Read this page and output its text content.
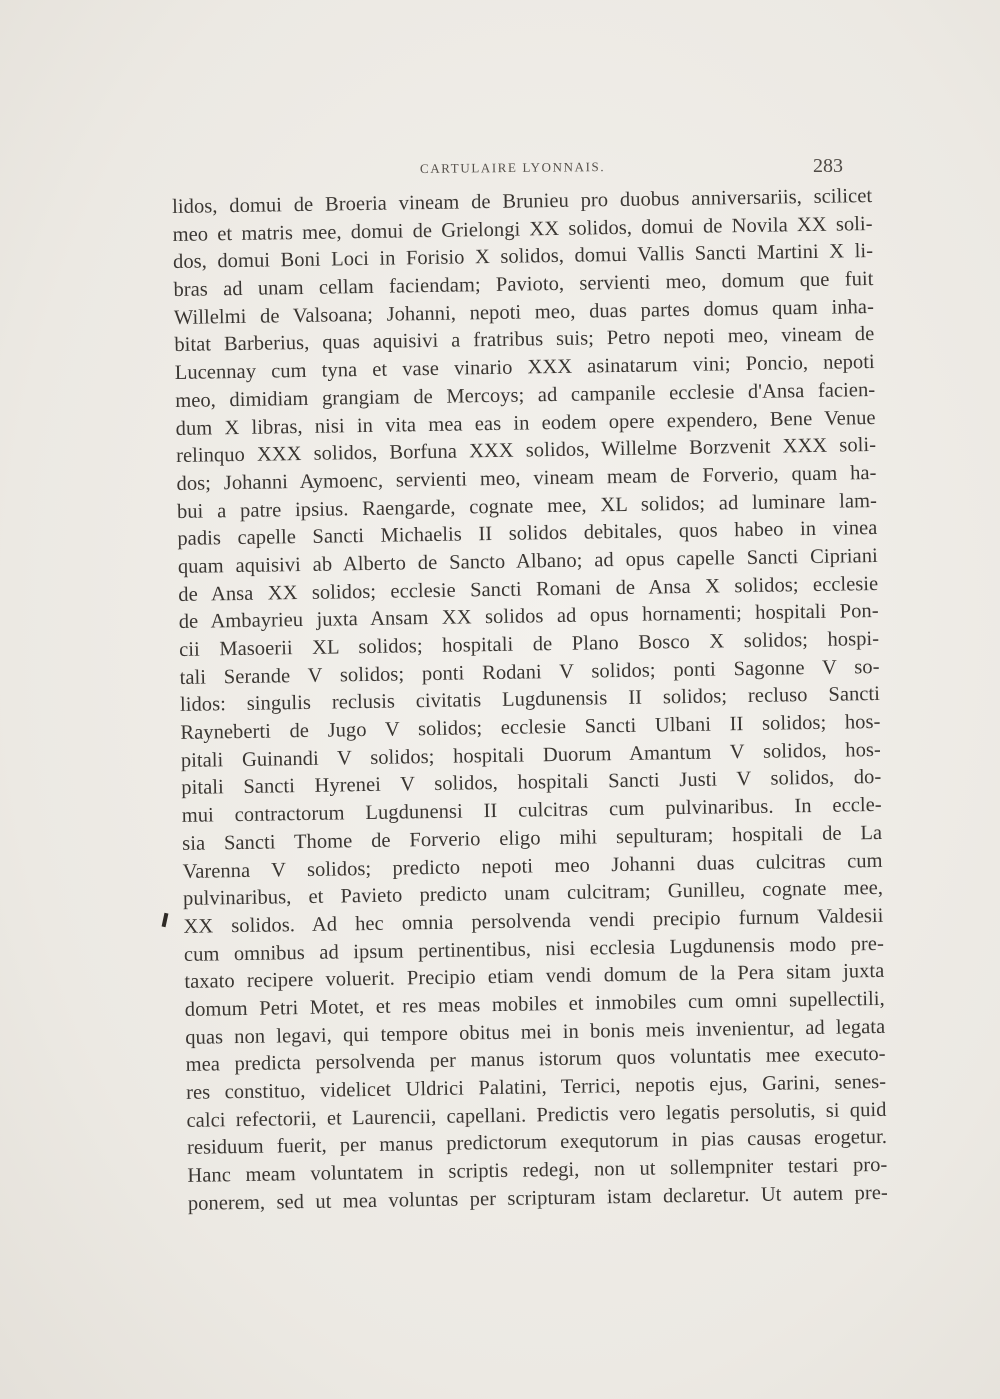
CARTULAIRE LYONNAIS.	283
lidos, domui de Broeria vineam de Brunieu pro duobus anniversariis, scilicet
meo et matris mee, domui de Grielongi XX solidos, domui de Novila XX soli-
dos, domui Boni Loci in Forisio X solidos, domui Vallis Sancti Martini X li-
bras ad unam cellam faciendam; Pavioto, servienti meo, domum que fuit
Willelmi de Valsoana; Johanni, nepoti meo, duas partes domus quam inha-
bitat Barberius, quas aquisivi a fratribus suis; Petro nepoti meo, vineam de
Lucennay cum tyna et vase vinario XXX asinatarum vini; Poncio, nepoti
meo, dimidiam grangiam de Mercoys; ad campanile ecclesie d'Ansa facien-
dum X libras, nisi in vita mea eas in eodem opere expendero, Bene Venue
relinquo XXX solidos, Borfuna XXX solidos, Willelme Borzvenit XXX soli-
dos; Johanni Aymoenc, servienti meo, vineam meam de Forverio, quam ha-
bui a patre ipsius. Raengarde, cognate mee, XL solidos; ad luminare lam-
padis capelle Sancti Michaelis II solidos debitales, quos habeo in vinea
quam aquisivi ab Alberto de Sancto Albano; ad opus capelle Sancti Cipriani
de Ansa XX solidos; ecclesie Sancti Romani de Ansa X solidos; ecclesie
de Ambayrieu juxta Ansam XX solidos ad opus hornamenti; hospitali Pon-
cii Masoerii XL solidos; hospitali de Plano Bosco X solidos; hospi-
tali Serande V solidos; ponti Rodani V solidos; ponti Sagonne V so-
lidos: singulis reclusis civitatis Lugdunensis II solidos; recluso Sancti
Rayneberti de Jugo V solidos; ecclesie Sancti Ulbani II solidos; hos-
pitali Guinandi V solidos; hospitali Duorum Amantum V solidos, hos-
pitali Sancti Hyrenei V solidos, hospitali Sancti Justi V solidos, do-
mui contractorum Lugdunensi II culcitras cum pulvinaribus. In eccle-
sia Sancti Thome de Forverio eligo mihi sepulturam; hospitali de La
Varenna V solidos; predicto nepoti meo Johanni duas culcitras cum
pulvinaribus, et Pavieto predicto unam culcitram; Gunilleu, cognate mee,
XX solidos. Ad hec omnia persolvenda vendi precipio furnum Valdesii
cum omnibus ad ipsum pertinentibus, nisi ecclesia Lugdunensis modo pre-
taxato recipere voluerit. Precipio etiam vendi domum de la Pera sitam juxta
domum Petri Motet, et res meas mobiles et inmobiles cum omni supellectili,
quas non legavi, qui tempore obitus mei in bonis meis invenientur, ad legata
mea predicta persolvenda per manus istorum quos voluntatis mee executo-
res constituo, videlicet Uldrici Palatini, Terrici, nepotis ejus, Garini, senes-
calci refectorii, et Laurencii, capellani. Predictis vero legatis persolutis, si quid
residuum fuerit, per manus predictorum exequtorum in pias causas erogetur.
Hanc meam voluntatem in scriptis redegi, non ut sollempniter testari pro-
ponerem, sed ut mea voluntas per scripturam istam declaretur. Ut autem pre-
